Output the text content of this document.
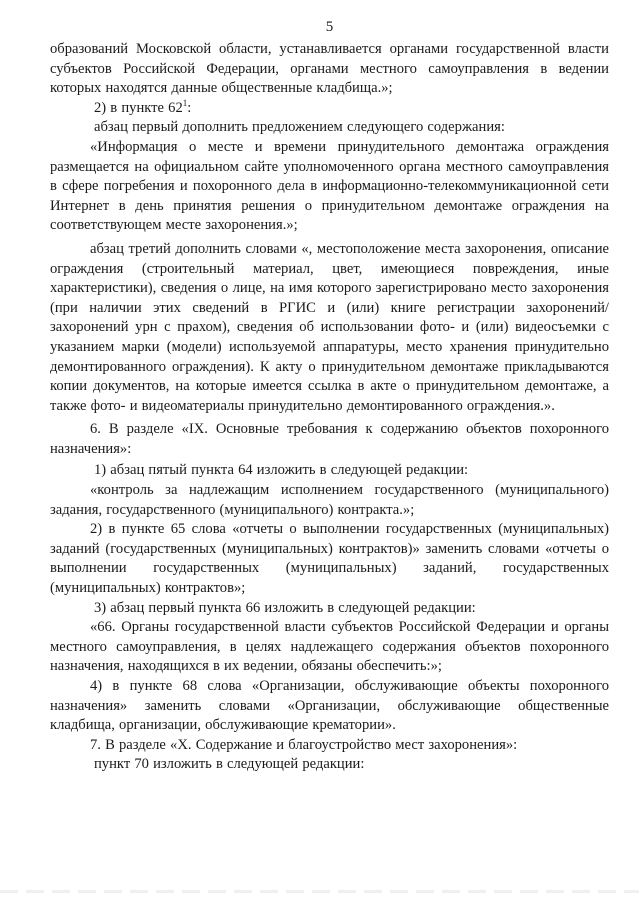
5

образований Московской области, устанавливается органами государственной власти субъектов Российской Федерации, органами местного самоуправления в ведении которых находятся данные общественные кладбища.»;

2) в пункте $62^1$:

абзац первый дополнить предложением следующего содержания:

«Информация о месте и времени принудительного демонтажа ограждения размещается на официальном сайте уполномоченного органа местного самоуправления в сфере погребения и похоронного дела в информационно-телекоммуникационной сети Интернет в день принятия решения о принудительном демонтаже ограждения на соответствующем месте захоронения.»;

абзац третий дополнить словами «, местоположение места захоронения, описание ограждения (строительный материал, цвет, имеющиеся повреждения, иные характеристики), сведения о лице, на имя которого зарегистрировано место захоронения (при наличии этих сведений в РГИС и (или) книге регистрации захоронений/захоронений урн с прахом), сведения об использовании фото- и (или) видеосъемки с указанием марки (модели) используемой аппаратуры, место хранения принудительно демонтированного ограждения). К акту о принудительном демонтаже прикладываются копии документов, на которые имеется ссылка в акте о принудительном демонтаже, а также фото- и видеоматериалы принудительно демонтированного ограждения.».

6. В разделе «IX. Основные требования к содержанию объектов похоронного назначения»:

1) абзац пятый пункта 64 изложить в следующей редакции:

«контроль за надлежащим исполнением государственного (муниципального) задания, государственного (муниципального) контракта.»;

2) в пункте 65 слова «отчеты о выполнении государственных (муниципальных) заданий (государственных (муниципальных) контрактов)» заменить словами «отчеты о выполнении государственных (муниципальных) заданий, государственных (муниципальных) контрактов»;

3) абзац первый пункта 66 изложить в следующей редакции:

«66. Органы государственной власти субъектов Российской Федерации и органы местного самоуправления, в целях надлежащего содержания объектов похоронного назначения, находящихся в их ведении, обязаны обеспечить:»;

4) в пункте 68 слова «Организации, обслуживающие объекты похоронного назначения» заменить словами «Организации, обслуживающие общественные кладбища, организации, обслуживающие крематории».

7. В разделе «X. Содержание и благоустройство мест захоронения»:

пункт 70 изложить в следующей редакции:
